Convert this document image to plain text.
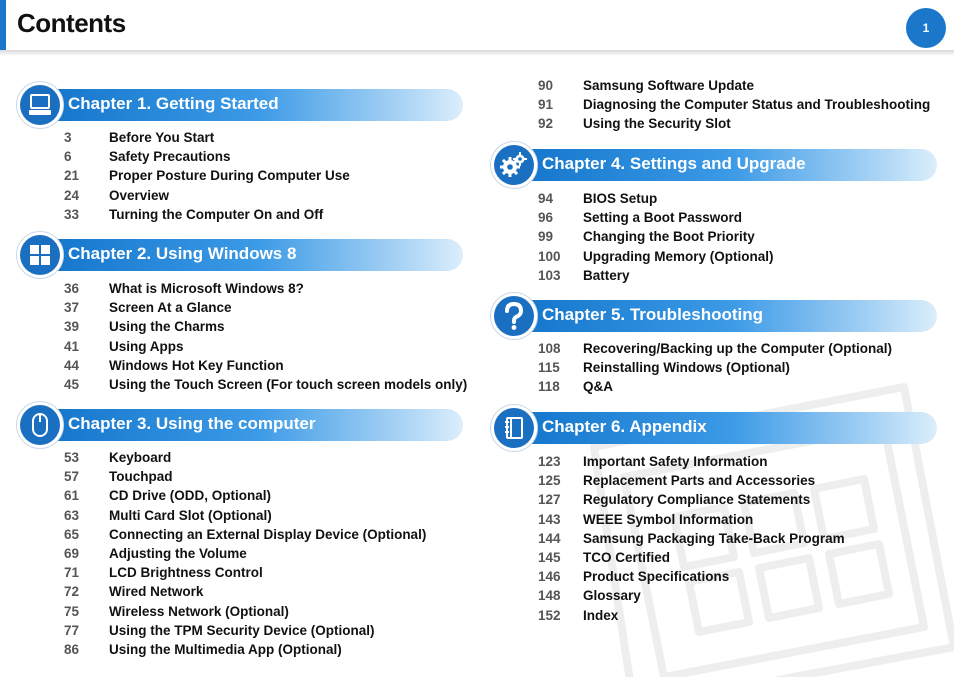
Contents	1
Chapter 1. Getting Started
3	Before You Start
6	Safety Precautions
21 Proper Posture During Computer Use
24 Overview
33 Turning the Computer On and Off
Chapter 2. Using Windows 8
36 What is Microsoft Windows 8?
37 Screen At a Glance
39 Using the Charms
41 Using Apps
44 Windows Hot Key Function
45 Using the Touch Screen (For touch screen models only)
Chapter 3. Using the computer
53 Keyboard
57 Touchpad
61 CD Drive (ODD, Optional)
63 Multi Card Slot (Optional)
65 Connecting an External Display Device (Optional)
69 Adjusting the Volume
71 LCD Brightness Control
72 Wired Network
75 Wireless Network (Optional)
77 Using the TPM Security Device (Optional)
86 Using the Multimedia App (Optional)
90 Samsung Software Update
91 Diagnosing the Computer Status and Troubleshooting
92 Using the Security Slot
Chapter 4. Settings and Upgrade
94 BIOS Setup
96 Setting a Boot Password
99 Changing the Boot Priority
100 Upgrading Memory (Optional)
103 Battery
Chapter 5. Troubleshooting
108 Recovering/Backing up the Computer (Optional)
115 Reinstalling Windows (Optional)
118 Q&A
Chapter 6. Appendix
123 Important Safety Information
125 Replacement Parts and Accessories
127 Regulatory Compliance Statements
143 WEEE Symbol Information
144 Samsung Packaging Take-Back Program
145 TCO Certified
146 Product Specifications
148 Glossary
152 Index
